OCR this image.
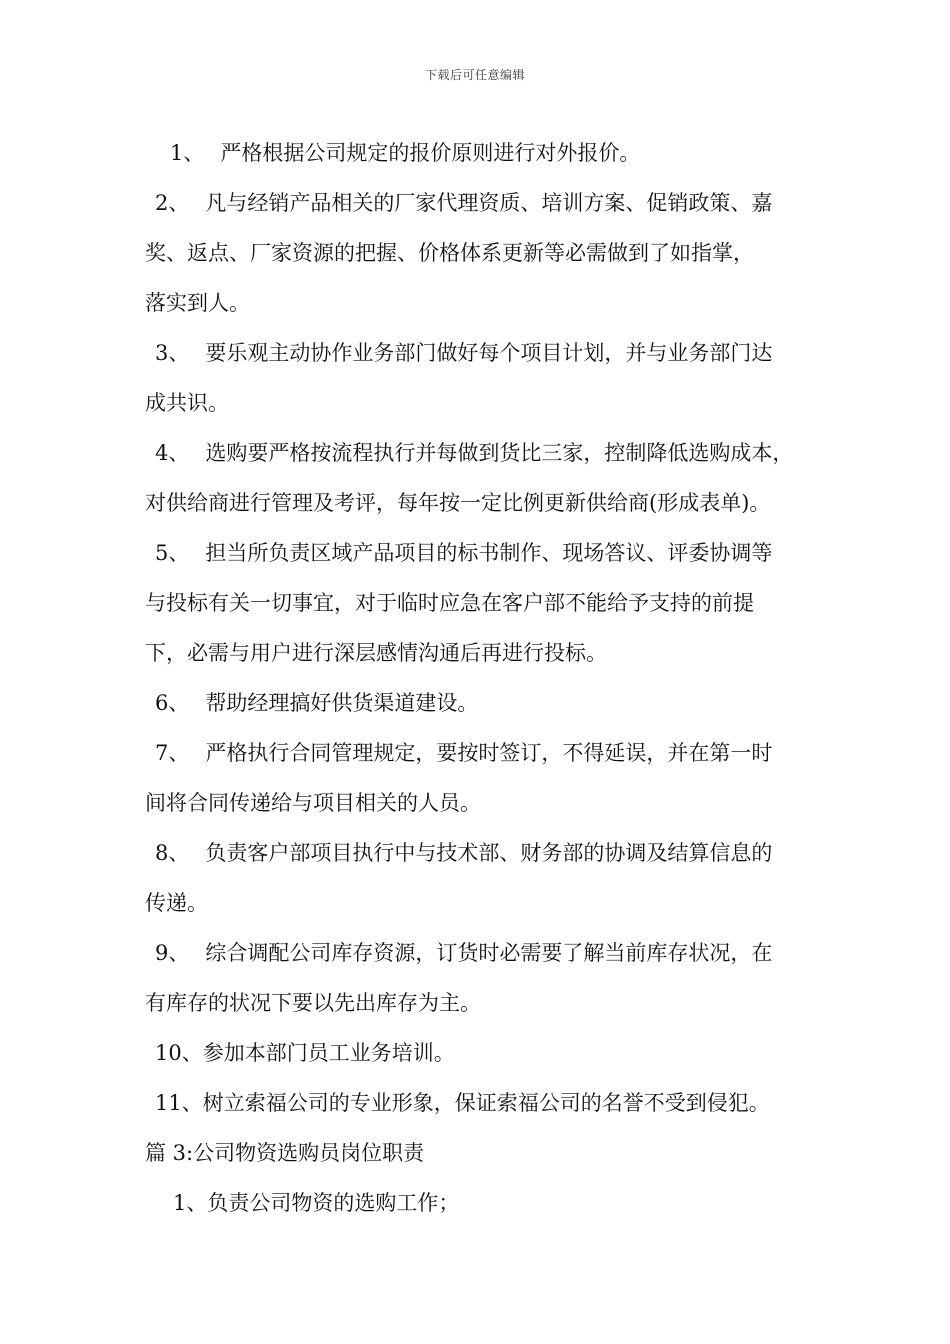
下载后可任意编辑

1、 严格根据公司规定的报价原则进行对外报价。

2、 凡与经销产品相关的厂家代理资质、培训方案、促销政策、嘉

奖、返点、厂家资源的把握、价格体系更新等必需做到了如指掌，

落实到人。

3、 要乐观主动协作业务部门做好每个项目计划，并与业务部门达

成共识。

4、 选购要严格按流程执行并每做到货比三家，控制降低选购成本，

对供给商进行管理及考评，每年按一定比例更新供给商(形成表单)。

5、 担当所负责区域产品项目的标书制作、现场答议、评委协调等

与投标有关一切事宜，对于临时应急在客户部不能给予支持的前提

下，必需与用户进行深层感情沟通后再进行投标。

6、 帮助经理搞好供货渠道建设。

7、 严格执行合同管理规定，要按时签订，不得延误，并在第一时

间将合同传递给与项目相关的人员。

8、 负责客户部项目执行中与技术部、财务部的协调及结算信息的

传递。

9、 综合调配公司库存资源，订货时必需要了解当前库存状况，在

有库存的状况下要以先出库存为主。

10、参加本部门员工业务培训。

11、树立索福公司的专业形象，保证索福公司的名誉不受到侵犯。

篇 3:公司物资选购员岗位职责

1、负责公司物资的选购工作；
